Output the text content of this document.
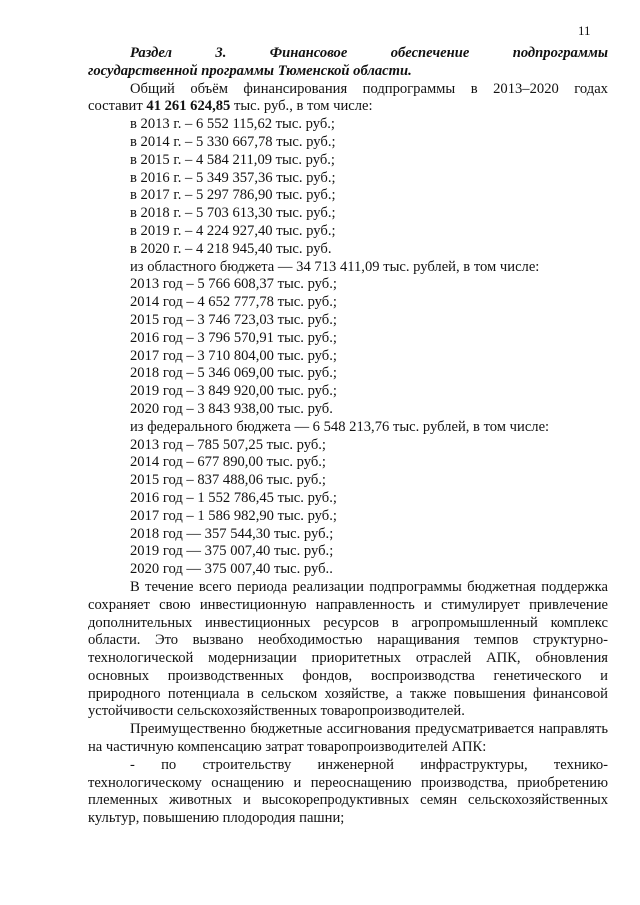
11

Раздел	3.	Финансовое	обеспечение	подпрограммы

государственной программы Тюменской области.

Общий объём финансирования подпрограммы в 2013–2020 годах

составит 41 261 624,85 тыс. руб., в том числе:

в 2013 г. – 6 552 115,62 тыс. руб.;

в 2014 г. – 5 330 667,78 тыс. руб.;

в 2015 г. – 4 584 211,09 тыс. руб.;

в 2016 г. – 5 349 357,36 тыс. руб.;

в 2017 г. – 5 297 786,90 тыс. руб.;

в 2018 г. – 5 703 613,30 тыс. руб.;

в 2019 г. – 4 224 927,40 тыс. руб.;

в 2020 г. – 4 218 945,40 тыс. руб.

из областного бюджета — 34 713 411,09 тыс. рублей, в том числе:

2013 год – 5 766 608,37 тыс. руб.;

2014 год – 4 652 777,78 тыс. руб.;

2015 год – 3 746 723,03 тыс. руб.;

2016 год – 3 796 570,91 тыс. руб.;

2017 год – 3 710 804,00 тыс. руб.;

2018 год – 5 346 069,00 тыс. руб.;

2019 год – 3 849 920,00 тыс. руб.;

2020 год – 3 843 938,00 тыс. руб.

из федерального бюджета — 6 548 213,76 тыс. рублей, в том числе:

2013 год – 785 507,25 тыс. руб.;

2014 год – 677 890,00 тыс. руб.;

2015 год – 837 488,06 тыс. руб.;

2016 год – 1 552 786,45 тыс. руб.;

2017 год – 1 586 982,90 тыс. руб.;

2018 год — 357 544,30 тыс. руб.;

2019 год — 375 007,40 тыс. руб.;

2020 год — 375 007,40 тыс. руб..

В течение всего периода реализации подпрограммы бюджетная поддержка сохраняет свою инвестиционную направленность и стимулирует привлечение дополнительных инвестиционных ресурсов в агропромышленный комплекс области. Это вызвано необходимостью наращивания темпов структурно-технологической модернизации приоритетных отраслей АПК, обновления основных производственных фондов, воспроизводства генетического и природного потенциала в сельском хозяйстве, а также повышения финансовой устойчивости сельскохозяйственных товаропроизводителей.

Преимущественно бюджетные ассигнования предусматривается направлять на частичную компенсацию затрат товаропроизводителей АПК:

- по строительству инженерной инфраструктуры, технико-технологическому оснащению и переоснащению производства, приобретению племенных животных и высокорепродуктивных семян сельскохозяйственных культур, повышению плодородия пашни;
